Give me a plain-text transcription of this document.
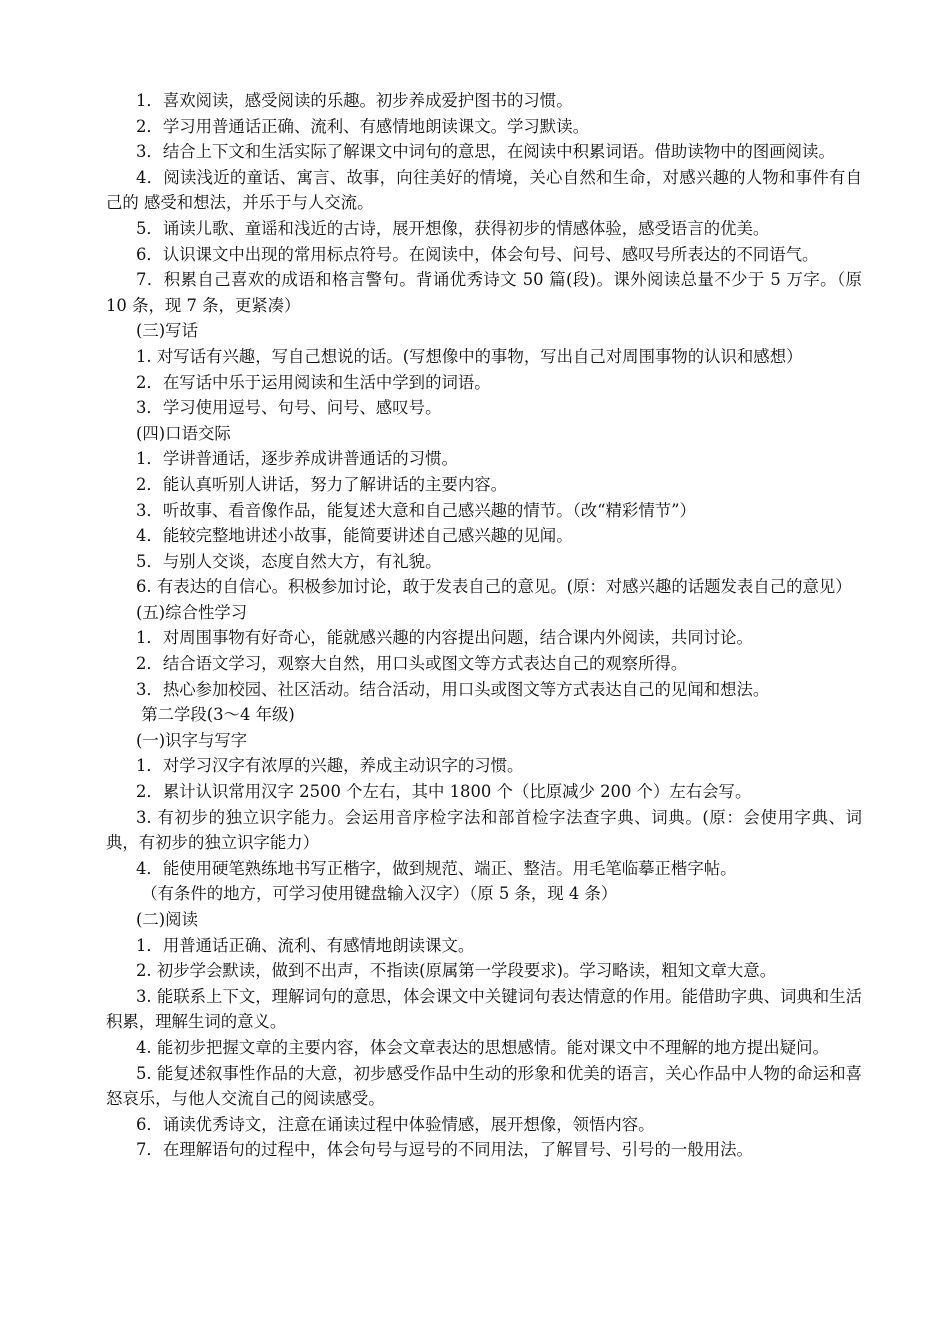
1．喜欢阅读，感受阅读的乐趣。初步养成爱护图书的习惯。
2．学习用普通话正确、流利、有感情地朗读课文。学习默读。
3．结合上下文和生活实际了解课文中词句的意思，在阅读中积累词语。借助读物中的图画阅读。
4．阅读浅近的童话、寓言、故事，向往美好的情境，关心自然和生命，对感兴趣的人物和事件有自己的 感受和想法，并乐于与人交流。
5．诵读儿歌、童谣和浅近的古诗，展开想像，获得初步的情感体验，感受语言的优美。
6．认识课文中出现的常用标点符号。在阅读中，体会句号、问号、感叹号所表达的不同语气。
7．积累自己喜欢的成语和格言警句。背诵优秀诗文 50 篇(段)。课外阅读总量不少于 5 万字。（原 10 条，现 7 条，更紧凑）
(三)写话
1. 对写话有兴趣，写自己想说的话。(写想像中的事物，写出自己对周围事物的认识和感想）
2．在写话中乐于运用阅读和生活中学到的词语。
3．学习使用逗号、句号、问号、感叹号。
(四)口语交际
1．学讲普通话，逐步养成讲普通话的习惯。
2．能认真听别人讲话，努力了解讲话的主要内容。
3．听故事、看音像作品，能复述大意和自己感兴趣的情节。（改“精彩情节”）
4．能较完整地讲述小故事，能简要讲述自己感兴趣的见闻。
5．与别人交谈，态度自然大方，有礼貌。
6. 有表达的自信心。积极参加讨论，敢于发表自己的意见。(原：对感兴趣的话题发表自己的意见）
(五)综合性学习
1．对周围事物有好奇心，能就感兴趣的内容提出问题，结合课内外阅读，共同讨论。
2．结合语文学习，观察大自然，用口头或图文等方式表达自己的观察所得。
3．热心参加校园、社区活动。结合活动，用口头或图文等方式表达自己的见闻和想法。
第二学段(3～4 年级)
(一)识字与写字
1．对学习汉字有浓厚的兴趣，养成主动识字的习惯。
2．累计认识常用汉字 2500 个左右，其中 1800 个（比原减少 200 个）左右会写。
3. 有初步的独立识字能力。会运用音序检字法和部首检字法查字典、词典。(原：会使用字典、词典，有初步的独立识字能力）
4．能使用硬笔熟练地书写正楷字，做到规范、端正、整洁。用毛笔临摹正楷字帖。
（有条件的地方，可学习使用键盘输入汉字）（原 5 条，现 4 条）
(二)阅读
1．用普通话正确、流利、有感情地朗读课文。
2. 初步学会默读，做到不出声，不指读(原属第一学段要求)。学习略读，粗知文章大意。
3. 能联系上下文，理解词句的意思，体会课文中关键词句表达情意的作用。能借助字典、词典和生活积累，理解生词的意义。
4. 能初步把握文章的主要内容，体会文章表达的思想感情。能对课文中不理解的地方提出疑问。
5. 能复述叙事性作品的大意，初步感受作品中生动的形象和优美的语言，关心作品中人物的命运和喜怒哀乐，与他人交流自己的阅读感受。
6．诵读优秀诗文，注意在诵读过程中体验情感，展开想像，领悟内容。
7．在理解语句的过程中，体会句号与逗号的不同用法，了解冒号、引号的一般用法。
